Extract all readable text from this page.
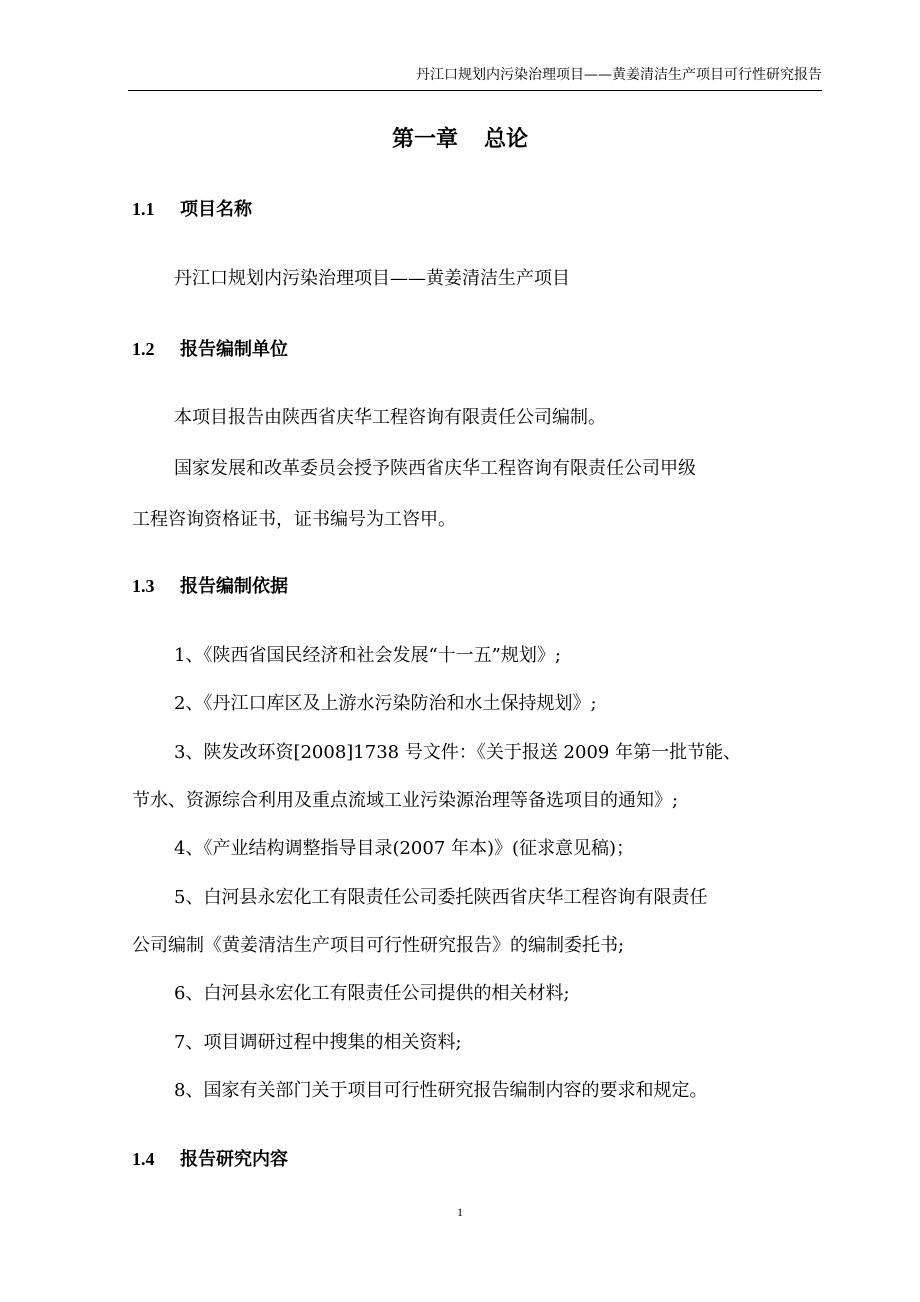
丹江口规划内污染治理项目——黄姜清洁生产项目可行性研究报告
第一章 总论
1.1 项目名称
丹江口规划内污染治理项目——黄姜清洁生产项目
1.2 报告编制单位
本项目报告由陕西省庆华工程咨询有限责任公司编制。
国家发展和改革委员会授予陕西省庆华工程咨询有限责任公司甲级
工程咨询资格证书，证书编号为工咨甲。
1.3 报告编制依据
1、《陕西省国民经济和社会发展“十一五”规划》;
2、《丹江口库区及上游水污染防治和水土保持规划》;
3、陕发改环资[2008]1738 号文件：《关于报送 2009 年第一批节能、
节水、资源综合利用及重点流域工业污染源治理等备选项目的通知》;
4、《产业结构调整指导目录(2007 年本)》(征求意见稿)；
5、白河县永宏化工有限责任公司委托陕西省庆华工程咨询有限责任
公司编制《黄姜清洁生产项目可行性研究报告》的编制委托书;
6、白河县永宏化工有限责任公司提供的相关材料;
7、项目调研过程中搜集的相关资料;
8、国家有关部门关于项目可行性研究报告编制内容的要求和规定。
1.4 报告研究内容
1
